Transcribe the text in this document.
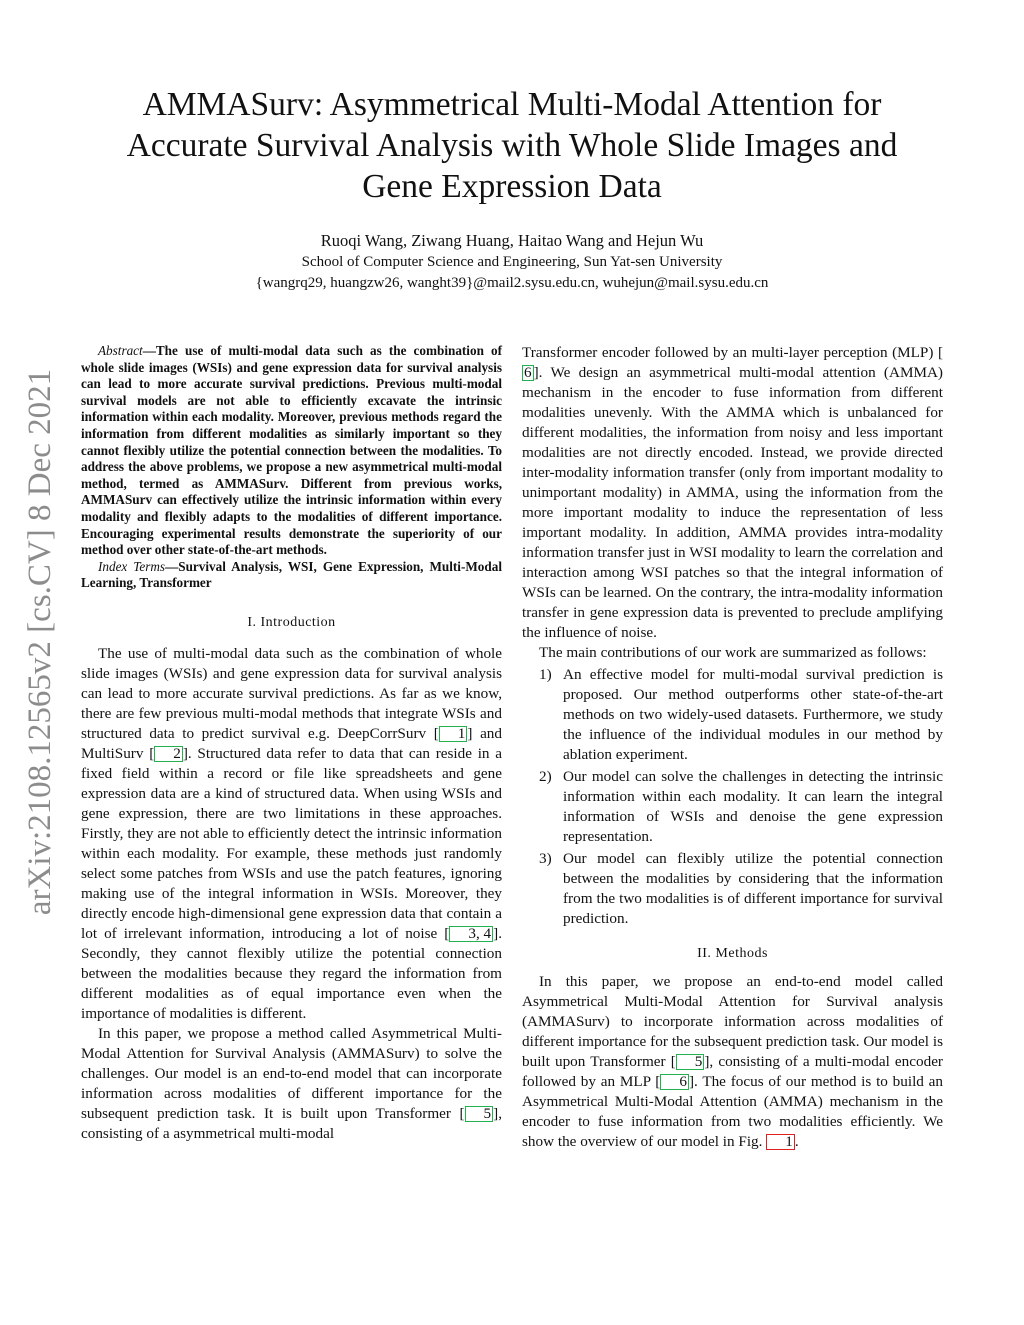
AMMASurv: Asymmetrical Multi-Modal Attention for Accurate Survival Analysis with Whole Slide Images and Gene Expression Data

Ruoqi Wang, Ziwang Huang, Haitao Wang and Hejun Wu

School of Computer Science and Engineering, Sun Yat-sen University

{wangrq29, huangzw26, wanght39}@mail2.sysu.edu.cn, wuhejun@mail.sysu.edu.cn

arXiv:2108.12565v2 [cs.CV] 8 Dec 2021

Abstract—The use of multi-modal data such as the combination of whole slide images (WSIs) and gene expression data for survival analysis can lead to more accurate survival predictions. Previous multi-modal survival models are not able to efficiently excavate the intrinsic information within each modality. Moreover, previous methods regard the information from different modalities as similarly important so they cannot flexibly utilize the potential connection between the modalities. To address the above problems, we propose a new asymmetrical multi-modal method, termed as AMMASurv. Different from previous works, AMMASurv can effectively utilize the intrinsic information within every modality and flexibly adapts to the modalities of different importance. Encouraging experimental results demonstrate the superiority of our method over other state-of-the-art methods.

Index Terms—Survival Analysis, WSI, Gene Expression, Multi-Modal Learning, Transformer

I. Introduction

The use of multi-modal data such as the combination of whole slide images (WSIs) and gene expression data for survival analysis can lead to more accurate survival predictions. As far as we know, there are few previous multi-modal methods that integrate WSIs and structured data to predict survival e.g. DeepCorrSurv [ 1 ] and MultiSurv [ 2 ]. Structured data refer to data that can reside in a fixed field within a record or file like spreadsheets and gene expression data are a kind of structured data. When using WSIs and gene expression, there are two limitations in these approaches. Firstly, they are not able to efficiently detect the intrinsic information within each modality. For example, these methods just randomly select some patches from WSIs and use the patch features, ignoring making use of the integral information in WSIs. Moreover, they directly encode high-dimensional gene expression data that contain a lot of irrelevant information, introducing a lot of noise [ 3, 4 ]. Secondly, they cannot flexibly utilize the potential connection between the modalities because they regard the information from different modalities as of equal importance even when the importance of modalities is different.

In this paper, we propose a method called Asymmetrical Multi-Modal Attention for Survival Analysis (AMMASurv) to solve the challenges. Our model is an end-to-end model that can incorporate information across modalities of different importance for the subsequent prediction task. It is built upon Transformer [ 5 ], consisting of a asymmetrical multi-modal

Transformer encoder followed by an multi-layer perception (MLP) [6 ]. We design an asymmetrical multi-modal attention (AMMA) mechanism in the encoder to fuse information from different modalities unevenly. With the AMMA which is unbalanced for different modalities, the information from noisy and less important modalities are not directly encoded. Instead, we provide directed inter-modality information transfer (only from important modality to unimportant modality) in AMMA, using the information from the more important modality to induce the representation of less important modality. In addition, AMMA provides intra-modality information transfer just in WSI modality to learn the correlation and interaction among WSI patches so that the integral information of WSIs can be learned. On the contrary, the intra-modality information transfer in gene expression data is prevented to preclude amplifying the influence of noise.

The main contributions of our work are summarized as follows:

1) An effective model for multi-modal survival prediction is proposed. Our method outperforms other state-of-the-art methods on two widely-used datasets. Furthermore, we study the influence of the individual modules in our method by ablation experiment.
2) Our model can solve the challenges in detecting the intrinsic information within each modality. It can learn the integral information of WSIs and denoise the gene expression representation.
3) Our model can flexibly utilize the potential connection between the modalities by considering that the information from the two modalities is of different importance for survival prediction.
II. Methods

In this paper, we propose an end-to-end model called Asymmetrical Multi-Modal Attention for Survival analysis (AMMASurv) to incorporate information across modalities of different importance for the subsequent prediction task. Our model is built upon Transformer [ 5 ], consisting of a multi-modal encoder followed by an MLP [ 6 ]. The focus of our method is to build an Asymmetrical Multi-Modal Attention (AMMA) mechanism in the encoder to fuse information from two modalities efficiently. We show the overview of our model in Fig. 1 .
